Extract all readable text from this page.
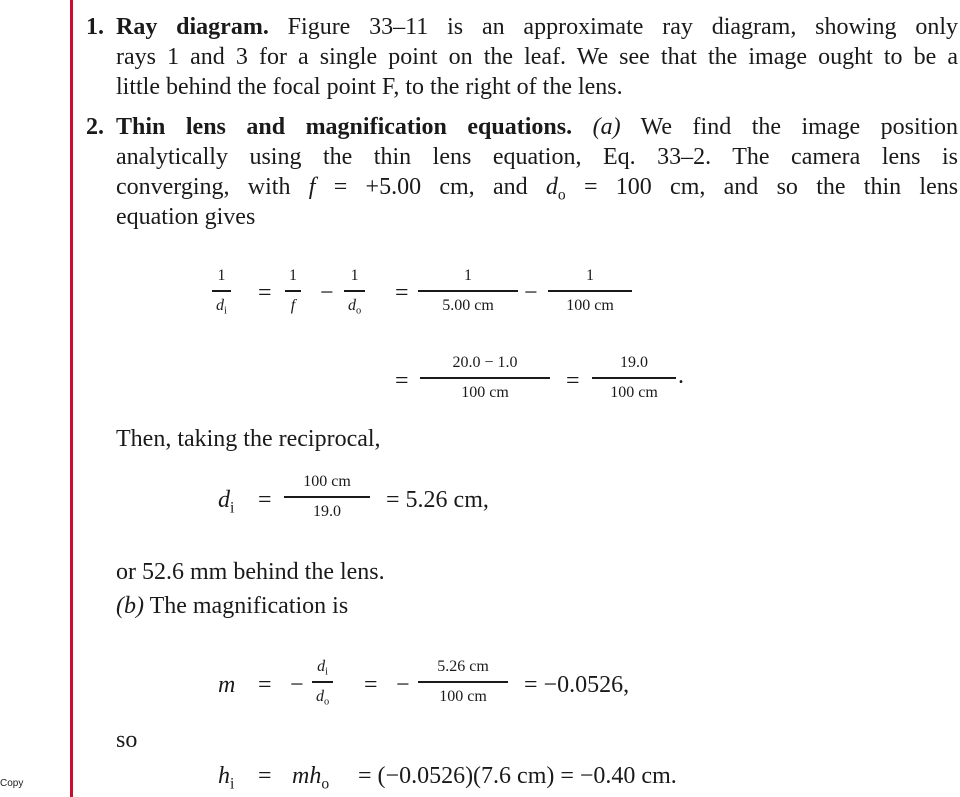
1. Ray diagram. Figure 33–11 is an approximate ray diagram, showing only
rays 1 and 3 for a single point on the leaf. We see that the image ought to be a
little behind the focal point F, to the right of the lens.
2. Thin lens and magnification equations. (a) We find the image position
analytically using the thin lens equation, Eq. 33–2. The camera lens is
converging, with f = +5.00 cm, and $d_o = 100$ cm, and so the thin lens
equation gives
1
$d_i$
=
1
f −
1
$d_o$
=
1
5.00 cm −
1
100 cm
=
20.0 − 1.0
100 cm =
19.0
100 cm
.

Then, taking the reciprocal,

$d_i$ =
100 cm
19.0 = 5.26 cm,

or 52.6 mm behind the lens.

(b) The magnification is

m = −
$d_i$
$d_o$
= −
5.26 cm
100 cm = −0.0526,

so

$h_i = mh_o = (-0.0526)(7.6$ cm) = −0.40 cm.
Copy
